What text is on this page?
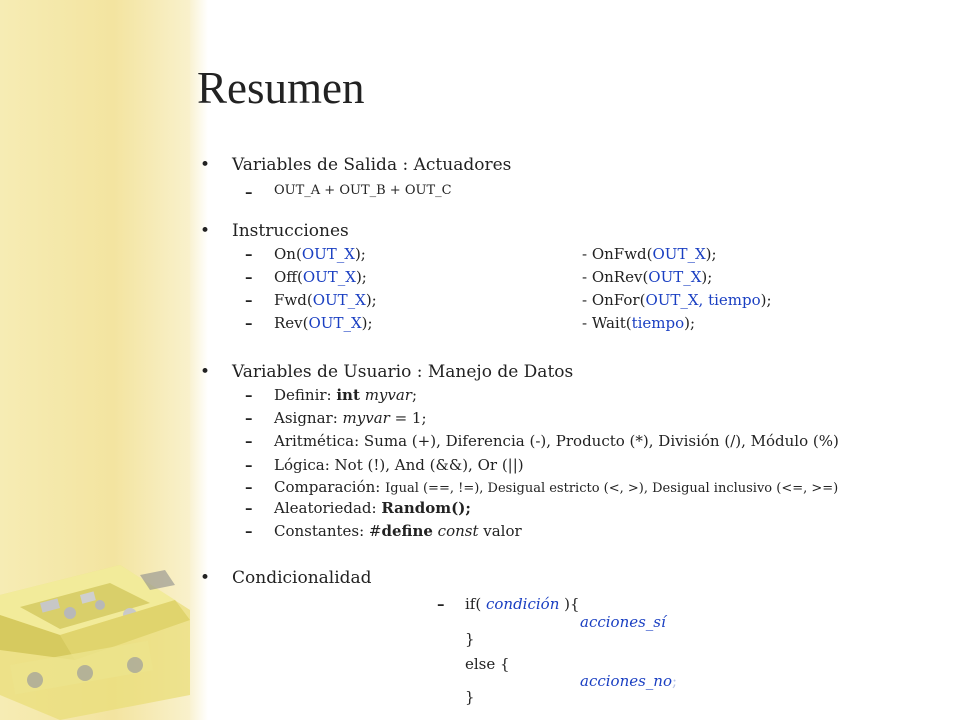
Resumen
• Variables de Salida : Actuadores
– OUT_A + OUT_B + OUT_C
• Instrucciones
– On(OUT_X);	- OnFwd(OUT_X);
– Off(OUT_X);	- OnRev(OUT_X);
– Fwd(OUT_X);	- OnFor(OUT_X, tiempo);
– Rev(OUT_X);	- Wait(tiempo);
• Variables de Usuario : Manejo de Datos
– Definir: int myvar;
– Asignar: myvar = 1;
– Aritmética: Suma (+), Diferencia (-), Producto (*), División (/), Módulo (%)
– Lógica: Not (!), And (&&), Or (||)
– Comparación: Igual (==, !=), Desigual estricto (<, >), Desigual inclusivo (<=, >=)
– Aleatoriedad: Random();
– Constantes: #define const valor
• Condicionalidad
– if( condición ){
acciones_sí
}
else {
acciones_no;
}
